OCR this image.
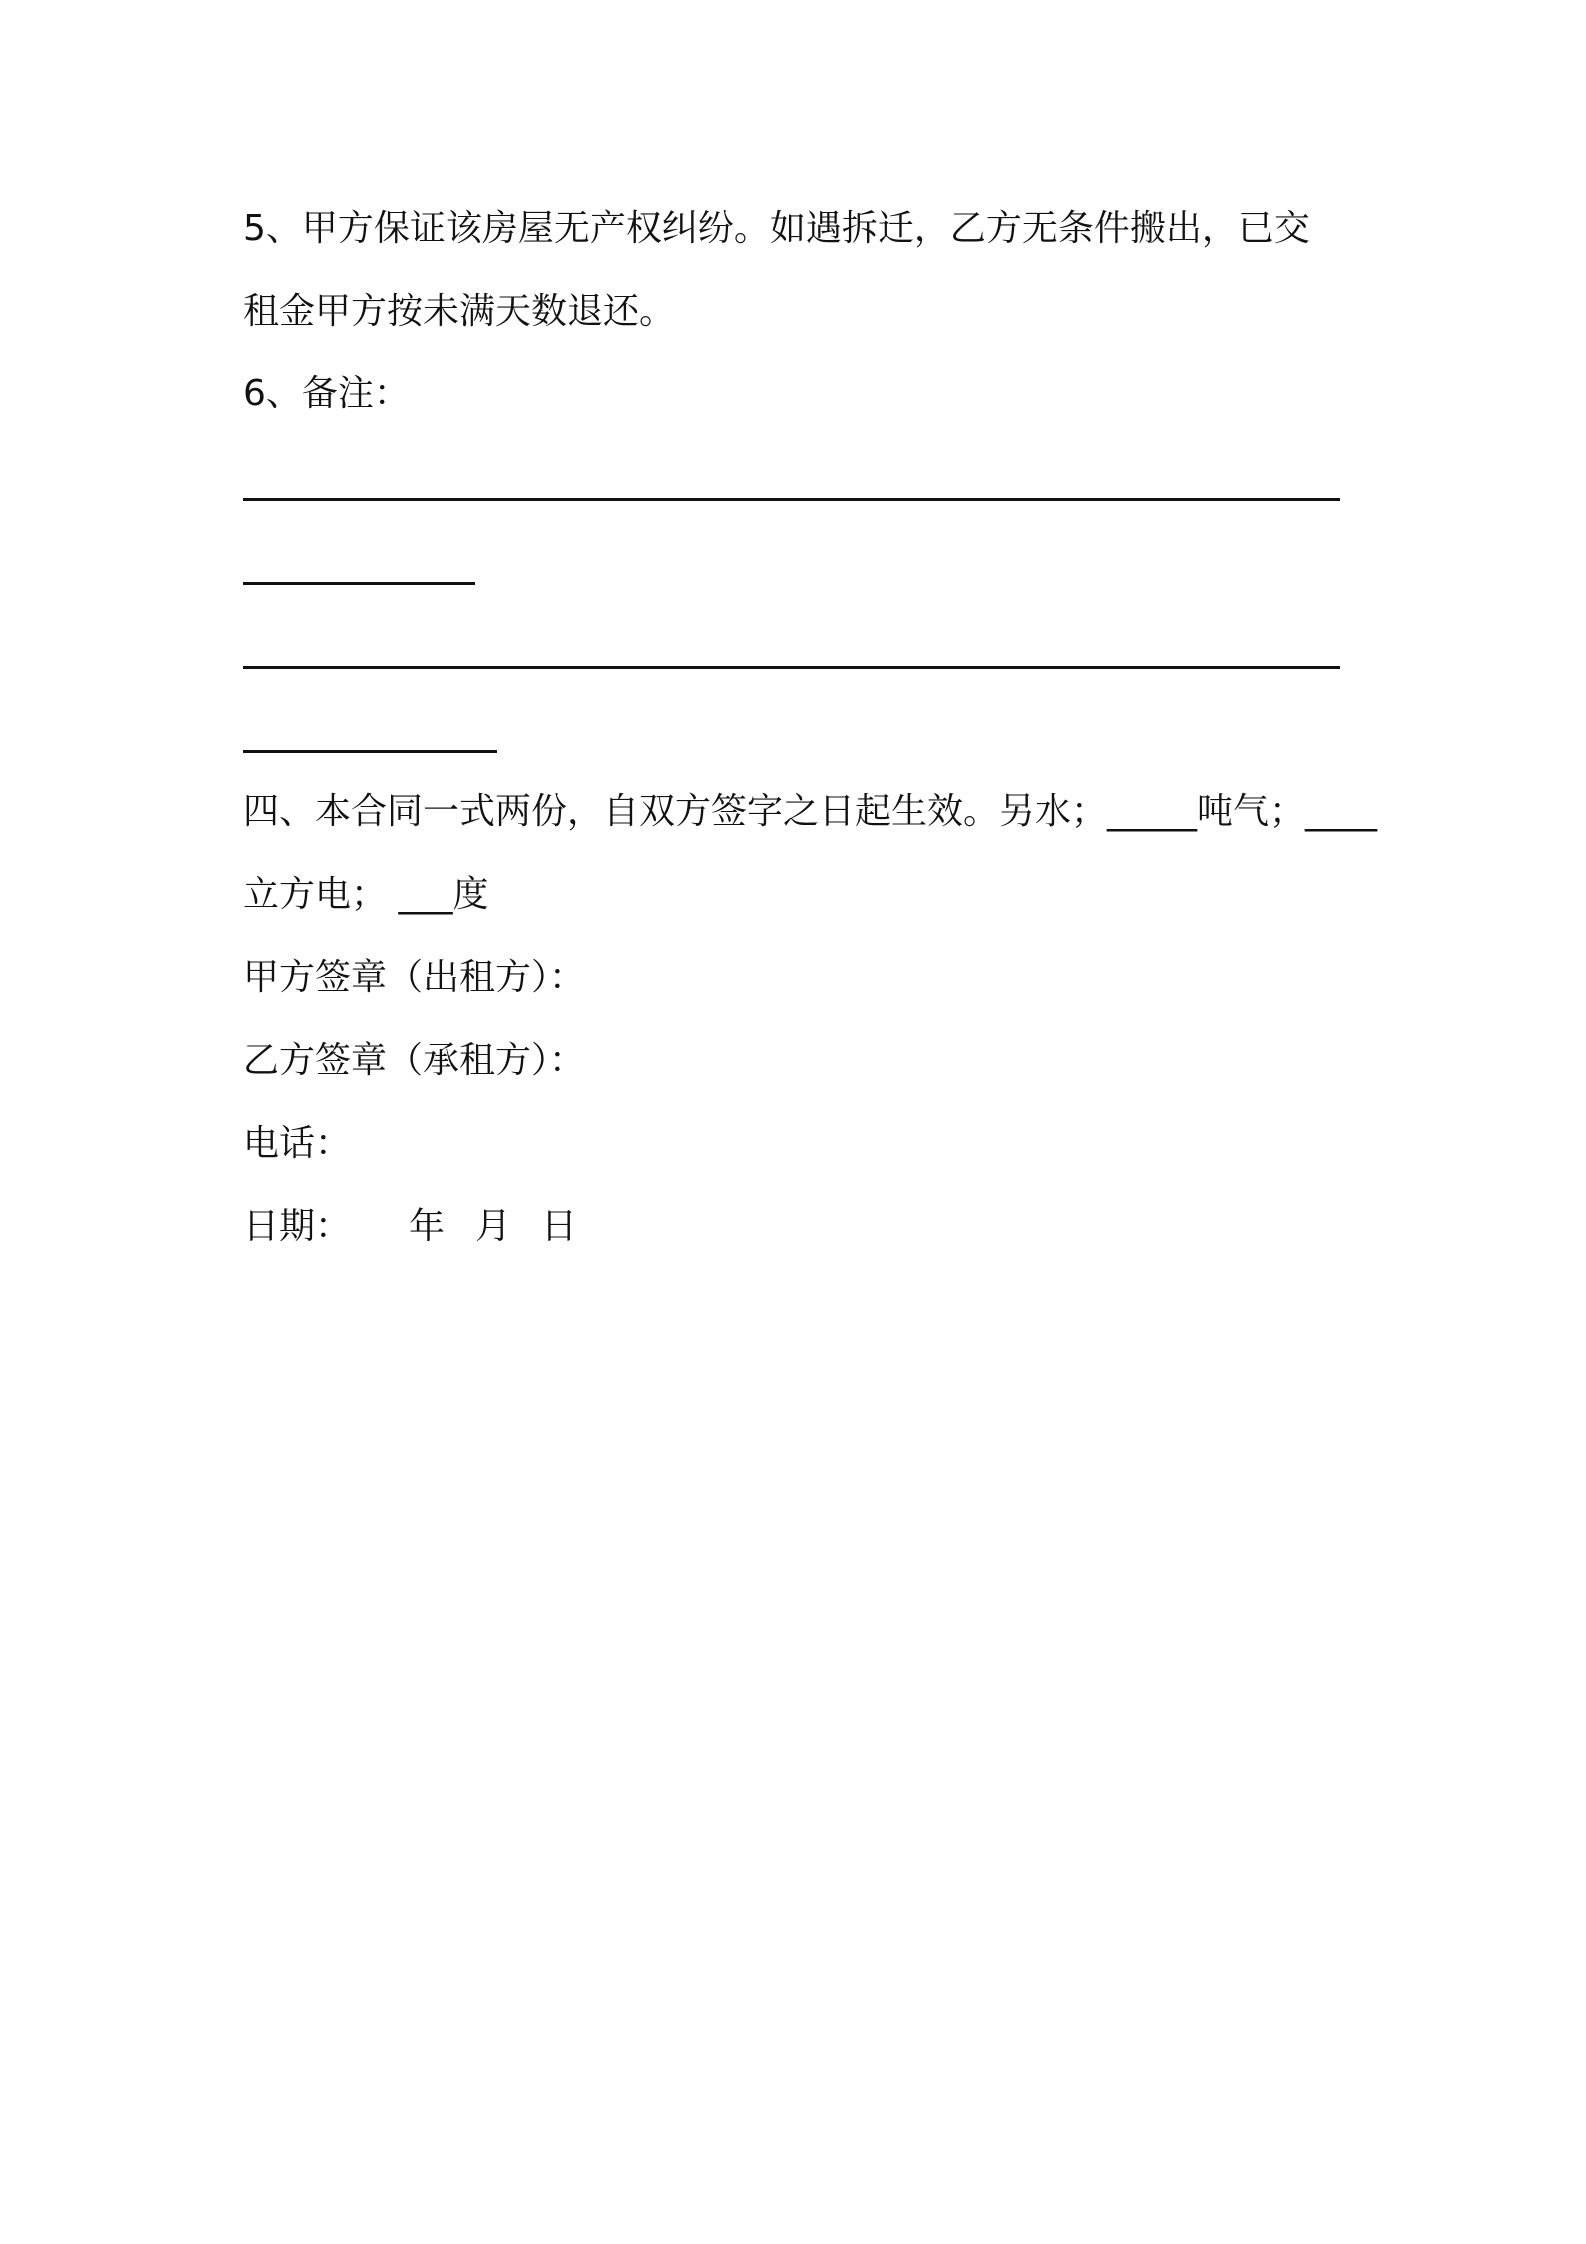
5、甲方保证该房屋无产权纠纷。如遇拆迁，乙方无条件搬出，已交
租金甲方按未满天数退还。
6、备注：
四、本合同一式两份，自双方签字之日起生效。另水；_____吨气；____
立方电； ___度
甲方签章（出租方）：
乙方签章（承租方）：
电话：
日期： 年 月 日
